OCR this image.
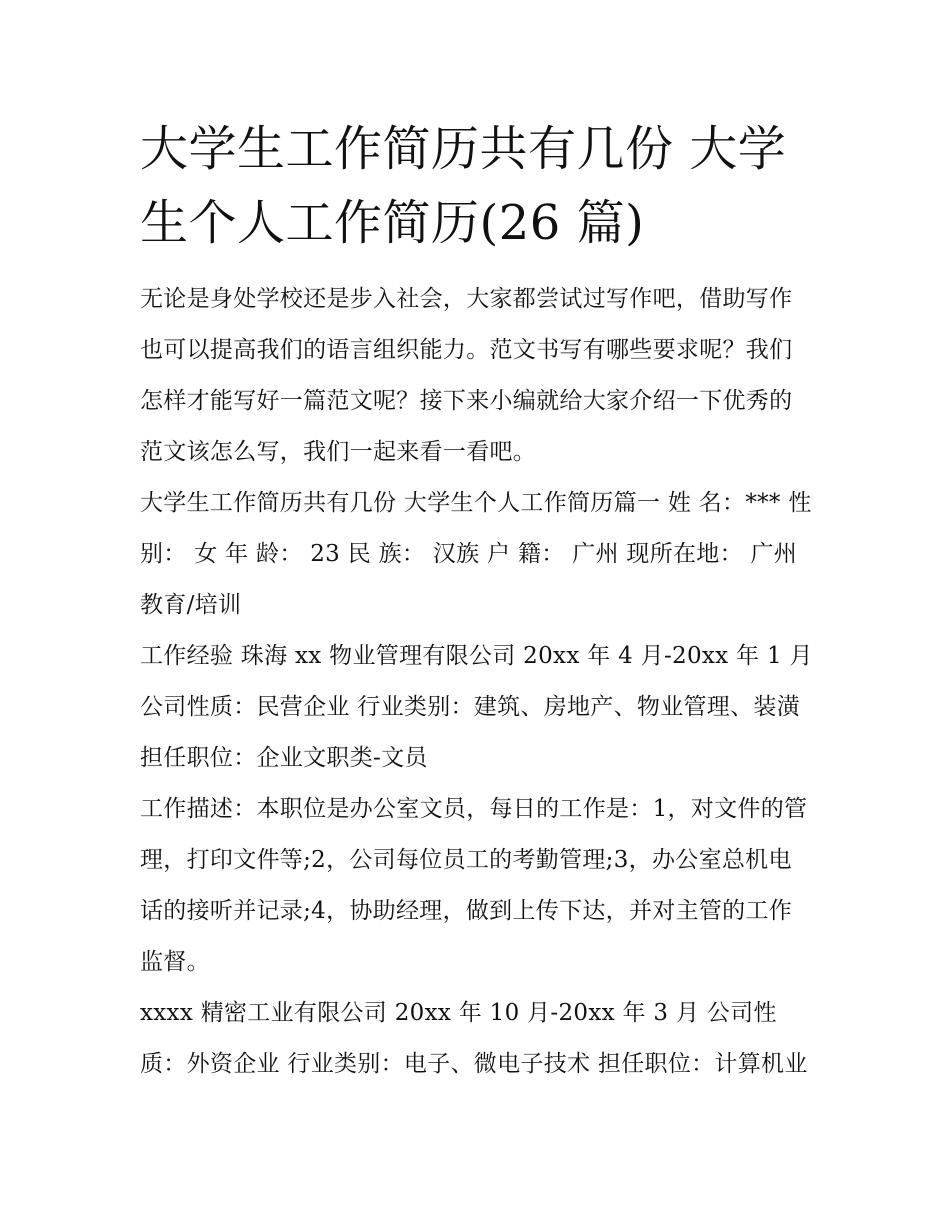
大学生工作简历共有几份 大学生个人工作简历(26 篇)

无论是身处学校还是步入社会，大家都尝试过写作吧，借助写作也可以提高我们的语言组织能力。范文书写有哪些要求呢？我们怎样才能写好一篇范文呢？接下来小编就给大家介绍一下优秀的范文该怎么写，我们一起来看一看吧。

大学生工作简历共有几份 大学生个人工作简历篇一 姓 名：*** 性 别： 女 年 龄： 23 民 族： 汉族 户 籍： 广州 现所在地： 广州 教育/培训

工作经验 珠海 xx 物业管理有限公司 20xx 年 4 月-20xx 年 1 月 公司性质：民营企业 行业类别：建筑、房地产、物业管理、装潢 担任职位：企业文职类-文员

工作描述：本职位是办公室文员，每日的工作是：1，对文件的管理，打印文件等;2，公司每位员工的考勤管理;3，办公室总机电话的接听并记录;4，协助经理，做到上传下达，并对主管的工作监督。

xxxx 精密工业有限公司 20xx 年 10 月-20xx 年 3 月 公司性质：外资企业 行业类别：电子、微电子技术 担任职位：计算机业
